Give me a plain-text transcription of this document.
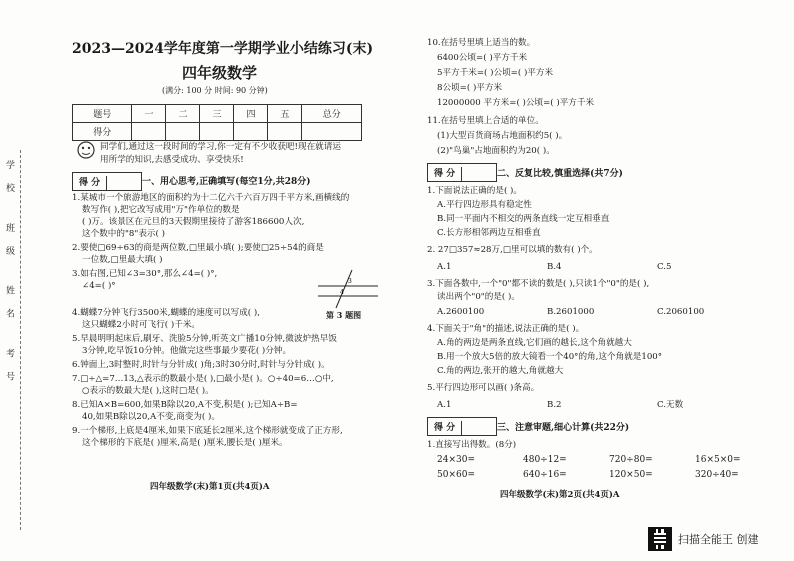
学校 班级 姓名 考号
2023—2024学年度第一学期学业小结练习(末)
四年级数学
(满分: 100 分 时间: 90 分钟)
题号	一	二	三	四	五	总分
得分						
同学们,通过这一段时间的学习,你一定有不少收获吧!现在就请运
用所学的知识,去感受成功、享受快乐!
得 分	一、用心思考,正确填写(每空1分,共28分)
1.某城市一个旅游地区的面积约为十二亿六千六百万四千平方米,画横线的
数写作( ),把它改写成用"万"作单位的数是
( )万。该景区在元旦的3天假期里接待了游客186600人次,
这个数中的"8"表示( )
2.要使□69÷63的商是两位数,□里最小填( );要使□25÷54的商是
一位数,□里最大填( )
3.如右图,已知∠3=30°,那么∠4=( )°,
∠4=( )°	3
4
第 3 题图
4.蝴蝶7分钟飞行3500米,蝴蝶的速度可以写成( ),
这只蝴蝶2小时可飞行( )千米。
5.早晨明明起床后,刷牙、洗脸5分钟,听英文广播10分钟,微波炉热早饭
3分钟,吃早饭10分钟。他做完这些事最少要花( )分钟。
6.钟面上,3时整时,时针与分针成( )角;3时30分时,时针与分针成( )。
7.□÷△=7…13,△表示的数最小是( ),□最小是( )。○÷40=6…○中,
○表示的数最大是( ),这时□是( )。
8.已知A×B=600,如果B除以20,A不变,积是( );已知A÷B=
40,如果B除以20,A不变,商变为( )。
9.一个梯形,上底是4厘米,如果下底延长2厘米,这个梯形就变成了正方形,
这个梯形的下底是( )厘米,高是( )厘米,腰长是( )厘米。
四年级数学(末)第1页(共4页)A
10.在括号里填上适当的数。
6400公顷=( )平方千米
5平方千米=( )公顷=( )平方米
8公顷=( )平方米
12000000 平方米=( )公顷=( )平方千米
11.在括号里填上合适的单位。
(1)大型百货商场占地面积约5( )。
(2)"鸟巢"占地面积约为20( )。
得 分	二、反复比较,慎重选择(共7分)
1.下面说法正确的是( )。
A.平行四边形具有稳定性
B.同一平面内不相交的两条直线一定互相垂直
C.长方形相邻两边互相垂直
2. 27□357≈28万,□里可以填的数有( )个。
A.1	B.4	C.5
3.下面各数中,一个"0"都不读的数是( ),只读1个"0"的是( ),
读出两个"0"的是( )。
A.2600100	B.2601000	C.2060100
4.下面关于"角"的描述,说法正确的是( )。
A.角的两边是两条直线,它们画的越长,这个角就越大
B.用一个放大5倍的放大镜看一个40°的角,这个角就是100°
C.角的两边,张开的越大,角就越大
5.平行四边形可以画( )条高。
A.1	B.2	C.无数
得 分	三、注意审题,细心计算(共22分)
1.直接写出得数。(8分)
24×30=	480÷12=	720÷80=	16×5×0=
50×60=	640÷16=	120×50=	320÷40=
四年级数学(末)第2页(共4页)A
扫描全能王 创建
